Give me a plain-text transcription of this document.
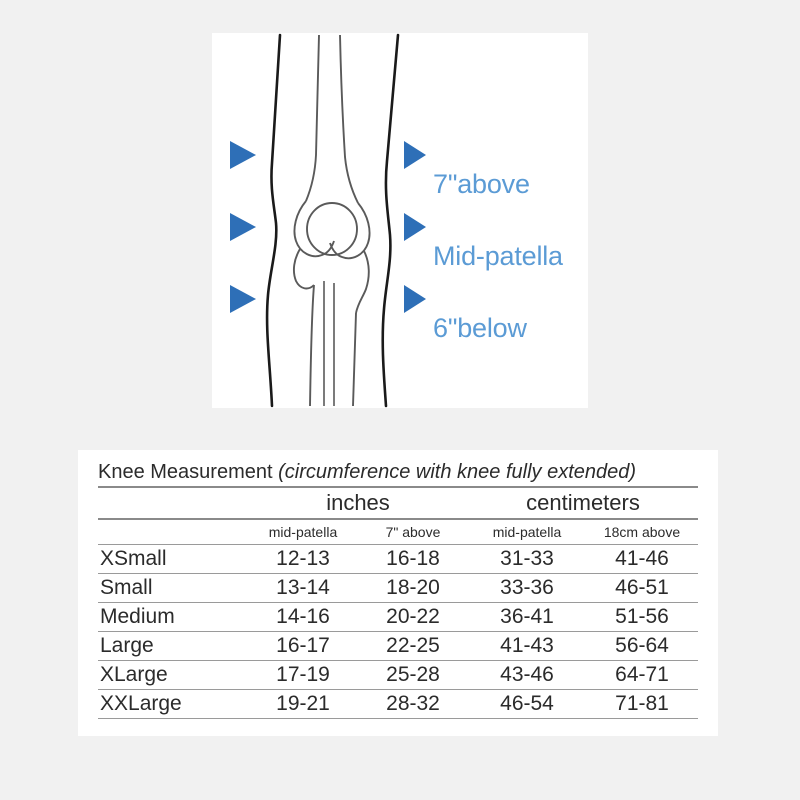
7"above
Mid-patella
6"below
Knee Measurement (circumference with knee fully extended)				
	inches		centimeters	
	mid-patella	7" above	mid-patella	18cm above
XSmall	12-13	16-18	31-33	41-46
Small	13-14	18-20	33-36	46-51
Medium	14-16	20-22	36-41	51-56
Large	16-17	22-25	41-43	56-64
XLarge	17-19	25-28	43-46	64-71
XXLarge	19-21	28-32	46-54	71-81
